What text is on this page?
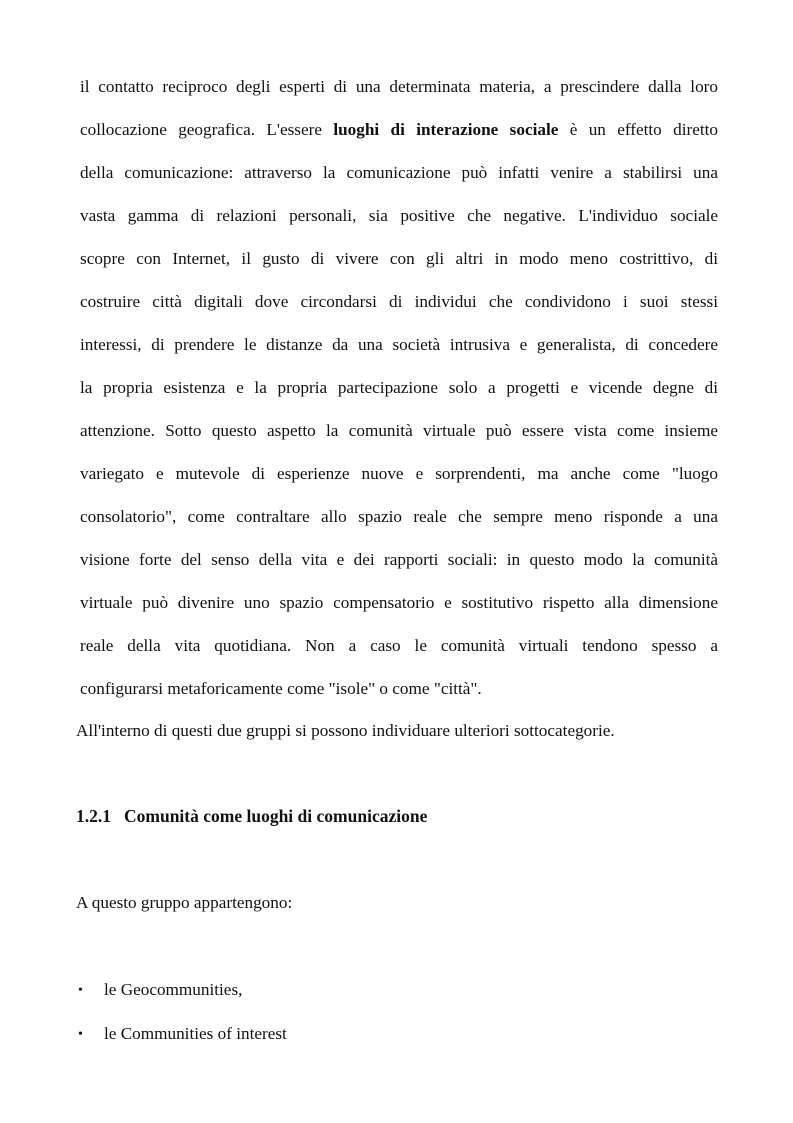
il contatto reciproco degli esperti di una determinata materia, a prescindere dalla loro
collocazione geografica. L'essere luoghi di interazione sociale è un effetto diretto
della comunicazione: attraverso la comunicazione può infatti venire a stabilirsi una
vasta gamma di relazioni personali, sia positive che negative. L'individuo sociale
scopre con Internet, il gusto di vivere con gli altri in modo meno costrittivo, di
costruire città digitali dove circondarsi di individui che condividono i suoi stessi
interessi, di prendere le distanze da una società intrusiva e generalista, di concedere
la propria esistenza e la propria partecipazione solo a progetti e vicende degne di
attenzione. Sotto questo aspetto la comunità virtuale può essere vista come insieme
variegato e mutevole di esperienze nuove e sorprendenti, ma anche come "luogo
consolatorio", come contraltare allo spazio reale che sempre meno risponde a una
visione forte del senso della vita e dei rapporti sociali: in questo modo la comunità
virtuale può divenire uno spazio compensatorio e sostitutivo rispetto alla dimensione
reale della vita quotidiana. Non a caso le comunità virtuali tendono spesso a
configurarsi metaforicamente come "isole" o come "città".
All'interno di questi due gruppi si possono individuare ulteriori sottocategorie.
1.2.1 Comunità come luoghi di comunicazione
A questo gruppo appartengono:
• le Geocommunities,
• le Communities of interest
